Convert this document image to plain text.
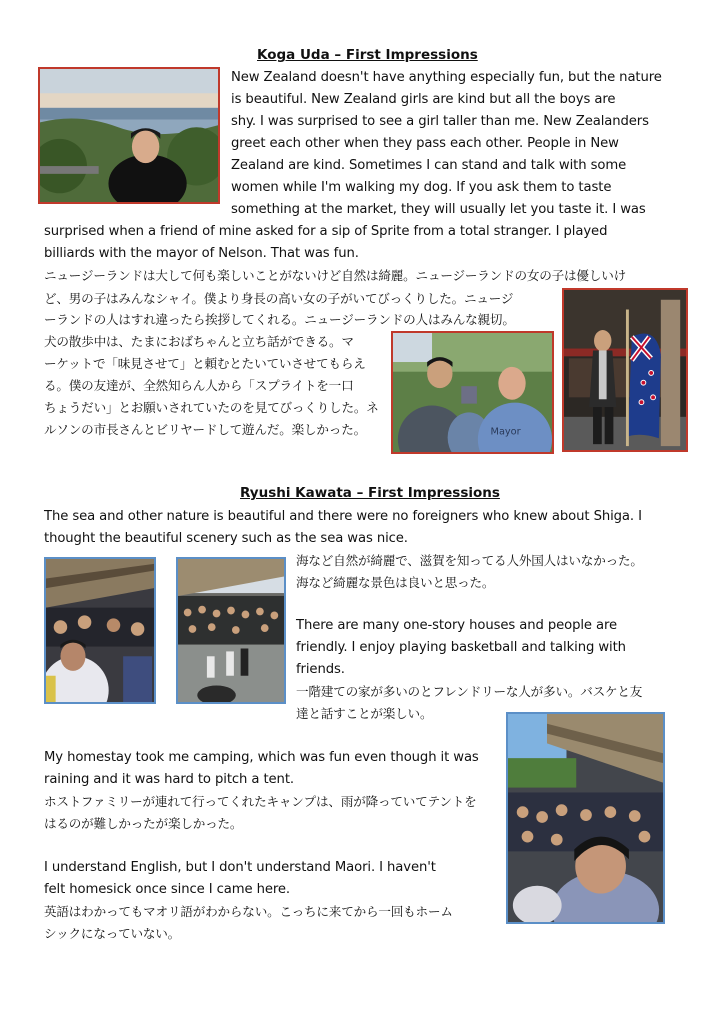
Koga Uda – First Impressions
New Zealand doesn't have anything especially fun, but the nature
is beautiful. New Zealand girls are kind but all the boys are
shy. I was surprised to see a girl taller than me. New Zealanders
greet each other when they pass each other. People in New
Zealand are kind. Sometimes I can stand and talk with some
women while I'm walking my dog. If you ask them to taste
something at the market, they will usually let you taste it. I was
surprised when a friend of mine asked for a sip of Sprite from a total stranger. I played
billiards with the mayor of Nelson. That was fun.
ニュージーランドは大して何も楽しいことがないけど自然は綺麗。ニュージーランドの女の子は優しいけ
ど、男の子はみんなシャイ。僕より身長の高い女の子がいてびっくりした。ニュージ
ーランドの人はすれ違ったら挨拶してくれる。ニュージーランドの人はみんな親切。
犬の散歩中は、たまにおばちゃんと立ち話ができる。マ
ーケットで「味見させて」と頼むとたいていさせてもらえ
る。僕の友達が、全然知らん人から「スプライトを一口
ちょうだい」とお願いされていたのを見てびっくりした。ネ
ルソンの市長さんとビリヤードして遊んだ。楽しかった。	Mayor
Ryushi Kawata – First Impressions
The sea and other nature is beautiful and there were no foreigners who knew about Shiga. I
thought the beautiful scenery such as the sea was nice.
海など自然が綺麗で、滋賀を知ってる人外国人はいなかった。
海など綺麗な景色は良いと思った。
There are many one-story houses and people are
friendly. I enjoy playing basketball and talking with
friends.
一階建ての家が多いのとフレンドリーな人が多い。バスケと友
達と話すことが楽しい。
My homestay took me camping, which was fun even though it was
raining and it was hard to pitch a tent.
ホストファミリーが連れて行ってくれたキャンプは、雨が降っていてテントを
はるのが難しかったが楽しかった。
I understand English, but I don't understand Maori. I haven't
felt homesick once since I came here.
英語はわかってもマオリ語がわからない。こっちに来てから一回もホーム
シックになっていない。
